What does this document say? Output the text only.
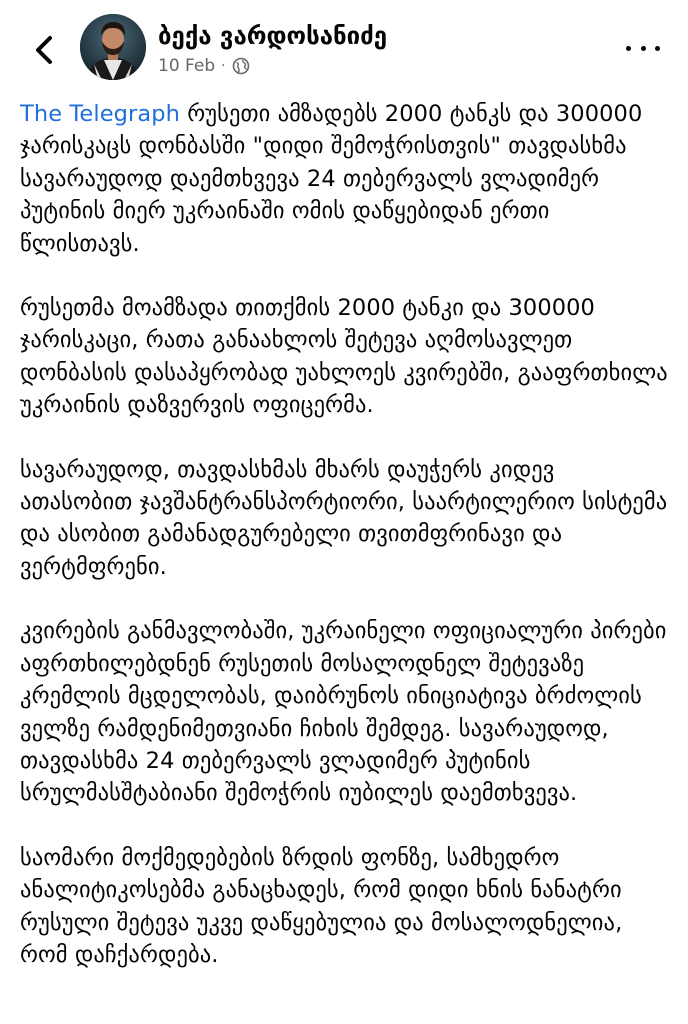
ბექა ვარდოსანიძე
10 Feb ·

The Telegraph რუსეთი ამზადებს 2000 ტანკს და 300000 ჯარისკაცს დონბასში "დიდი შემოჭრისთვის" თავდასხმა სავარაუდოდ დაემთხვევა 24 თებერვალს ვლადიმერ პუტინის მიერ უკრაინაში ომის დაწყებიდან ერთი წლისთავს.

რუსეთმა მოამზადა თითქმის 2000 ტანკი და 300000 ჯარისკაცი, რათა განაახლოს შეტევა აღმოსავლეთ დონბასის დასაპყრობად უახლოეს კვირებში, გააფრთხილა უკრაინის დაზვერვის ოფიცერმა.

სავარაუდოდ, თავდასხმას მხარს დაუჭერს კიდევ ათასობით ჯავშანტრანსპორტიორი, საარტილერიო სისტემა და ასობით გამანადგურებელი თვითმფრინავი და ვერტმფრენი.

კვირების განმავლობაში, უკრაინელი ოფიციალური პირები აფრთხილებდნენ რუსეთის მოსალოდნელ შეტევაზე კრემლის მცდელობას, დაიბრუნოს ინიციატივა ბრძოლის ველზე რამდენიმეთვიანი ჩიხის შემდეგ. სავარაუდოდ, თავდასხმა 24 თებერვალს ვლადიმერ პუტინის სრულმასშტაბიანი შემოჭრის იუბილეს დაემთხვევა.

საომარი მოქმედებების ზრდის ფონზე, სამხედრო ანალიტიკოსებმა განაცხადეს, რომ დიდი ხნის ნანატრი რუსული შეტევა უკვე დაწყებულია და მოსალოდნელია, რომ დაჩქარდება.
